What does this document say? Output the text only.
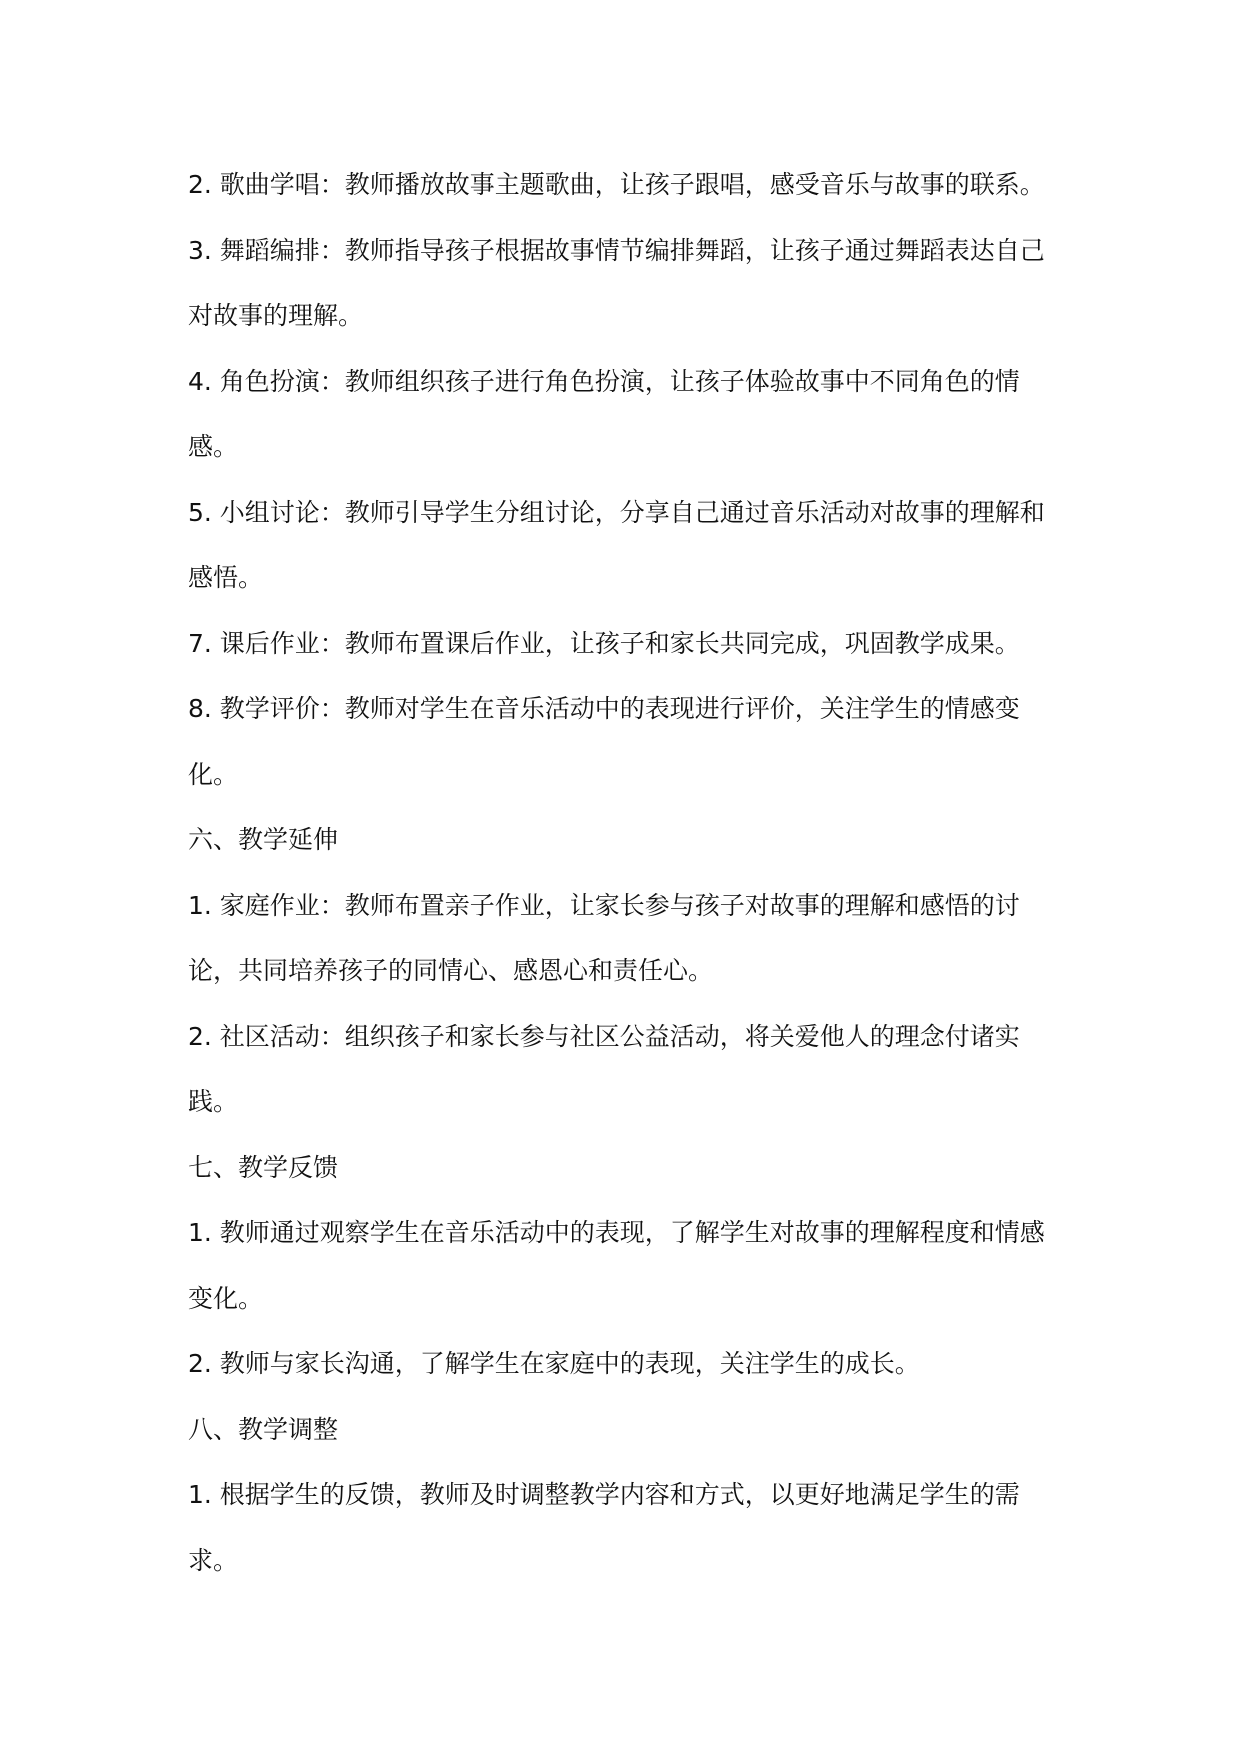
2. 歌曲学唱：教师播放故事主题歌曲，让孩子跟唱，感受音乐与故事的联系。
3. 舞蹈编排：教师指导孩子根据故事情节编排舞蹈，让孩子通过舞蹈表达自己
对故事的理解。
4. 角色扮演：教师组织孩子进行角色扮演，让孩子体验故事中不同角色的情
感。
5. 小组讨论：教师引导学生分组讨论，分享自己通过音乐活动对故事的理解和
感悟。
7. 课后作业：教师布置课后作业，让孩子和家长共同完成，巩固教学成果。
8. 教学评价：教师对学生在音乐活动中的表现进行评价，关注学生的情感变
化。
六、教学延伸
1. 家庭作业：教师布置亲子作业，让家长参与孩子对故事的理解和感悟的讨
论，共同培养孩子的同情心、感恩心和责任心。
2. 社区活动：组织孩子和家长参与社区公益活动，将关爱他人的理念付诸实
践。
七、教学反馈
1. 教师通过观察学生在音乐活动中的表现，了解学生对故事的理解程度和情感
变化。
2. 教师与家长沟通，了解学生在家庭中的表现，关注学生的成长。
八、教学调整
1. 根据学生的反馈，教师及时调整教学内容和方式，以更好地满足学生的需
求。
